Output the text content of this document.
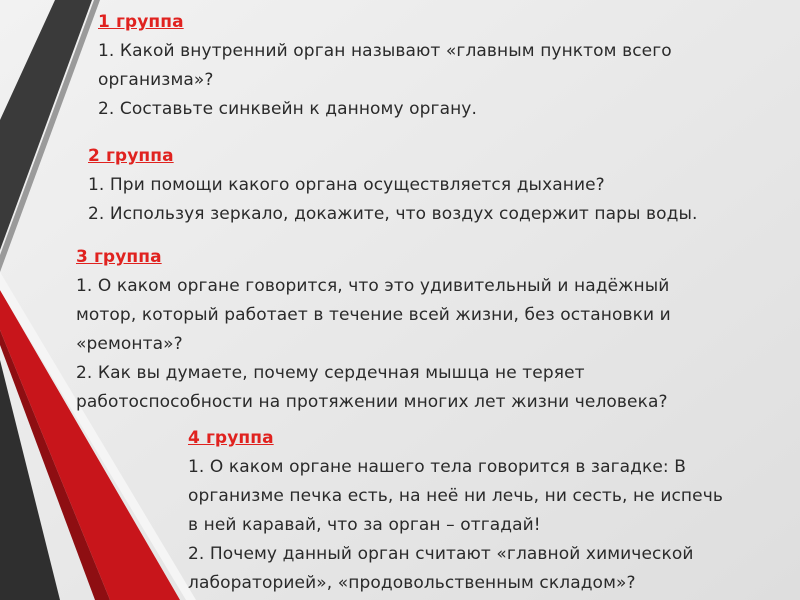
1 группа
1. Какой внутренний орган называют «главным пунктом всего
организма»?
2. Составьте синквейн к данному органу.
2 группа
1. При помощи какого органа осуществляется дыхание?
2. Используя зеркало, докажите, что воздух содержит пары воды.
3 группа
1. О каком органе говорится, что это удивительный и надёжный
мотор, который работает в течение всей жизни, без остановки и
«ремонта»?
2. Как вы думаете, почему сердечная мышца не теряет
работоспособности на протяжении многих лет жизни человека?
4 группа
1. О каком органе нашего тела говорится в загадке: В
организме печка есть, на неё ни лечь, ни сесть, не испечь
в ней каравай, что за орган – отгадай!
2. Почему данный орган считают «главной химической
лабораторией», «продовольственным складом»?
